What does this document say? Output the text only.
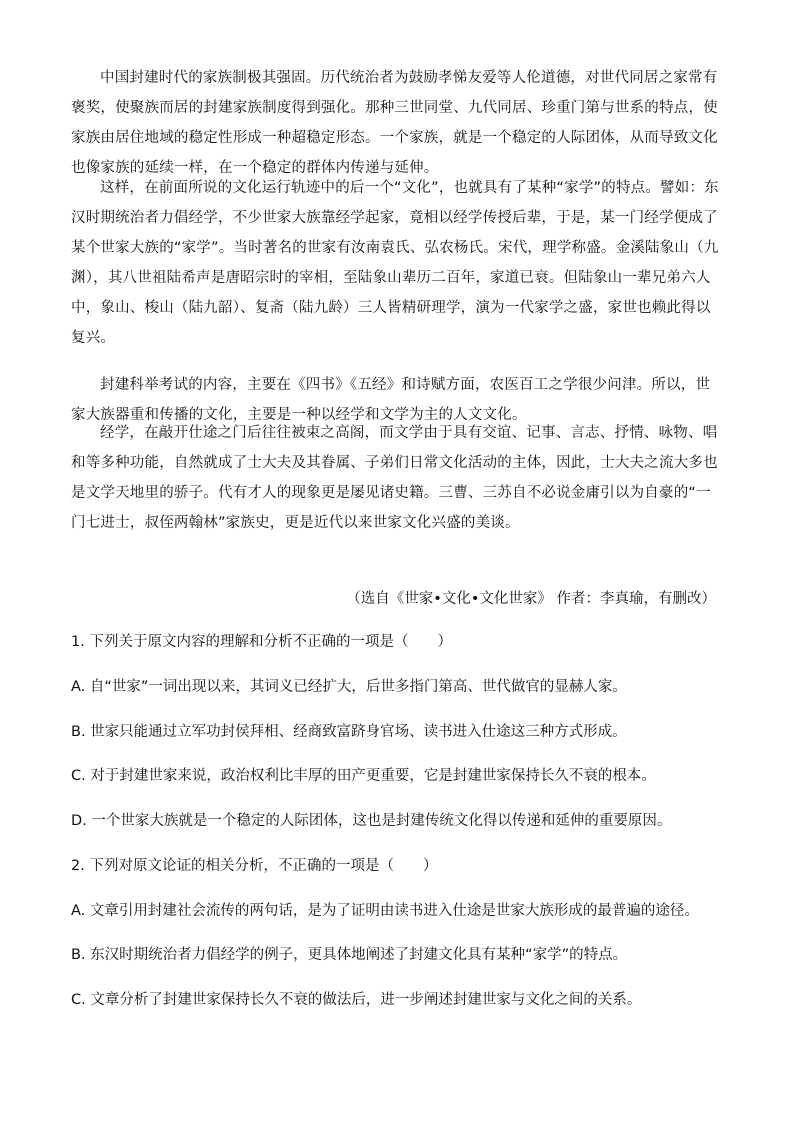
中国封建时代的家族制极其强固。历代统治者为鼓励孝悌友爱等人伦道德，对世代同居之家常有褒奖，使聚族而居的封建家族制度得到强化。那种三世同堂、九代同居、珍重门第与世系的特点，使家族由居住地域的稳定性形成一种超稳定形态。一个家族，就是一个稳定的人际团体，从而导致文化也像家族的延续一样，在一个稳定的群体内传递与延伸。

这样，在前面所说的文化运行轨迹中的后一个“文化”，也就具有了某种“家学”的特点。譬如：东汉时期统治者力倡经学，不少世家大族靠经学起家，竟相以经学传授后辈，于是，某一门经学便成了某个世家大族的“家学”。当时著名的世家有汝南袁氏、弘农杨氏。宋代，理学称盛。金溪陆象山（九渊），其八世祖陆希声是唐昭宗时的宰相，至陆象山辈历二百年，家道已衰。但陆象山一辈兄弟六人中，象山、梭山（陆九韶）、复斋（陆九龄）三人皆精研理学，演为一代家学之盛，家世也赖此得以复兴。

封建科举考试的内容，主要在《四书》《五经》和诗赋方面，农医百工之学很少问津。所以，世家大族器重和传播的文化，主要是一种以经学和文学为主的人文文化。

经学，在敲开仕途之门后往往被束之高阁，而文学由于具有交谊、记事、言志、抒情、咏物、唱和等多种功能，自然就成了士大夫及其眷属、子弟们日常文化活动的主体，因此，士大夫之流大多也是文学天地里的骄子。代有才人的现象更是屡见诸史籍。三曹、三苏自不必说金庸引以为自豪的“一门七进士，叔侄两翰林”家族史，更是近代以来世家文化兴盛的美谈。

（选自《世家•文化•文化世家》 作者：李真瑜，有删改）

1. 下列关于原文内容的理解和分析不正确的一项是（　　）

A. 自“世家”一词出现以来，其词义已经扩大，后世多指门第高、世代做官的显赫人家。

B. 世家只能通过立军功封侯拜相、经商致富跻身官场、读书进入仕途这三种方式形成。

C. 对于封建世家来说，政治权利比丰厚的田产更重要，它是封建世家保持长久不衰的根本。

D. 一个世家大族就是一个稳定的人际团体，这也是封建传统文化得以传递和延伸的重要原因。

2. 下列对原文论证的相关分析，不正确的一项是（　　）

A. 文章引用封建社会流传的两句话，是为了证明由读书进入仕途是世家大族形成的最普遍的途径。

B. 东汉时期统治者力倡经学的例子，更具体地阐述了封建文化具有某种“家学”的特点。

C. 文章分析了封建世家保持长久不衰的做法后，进一步阐述封建世家与文化之间的关系。
